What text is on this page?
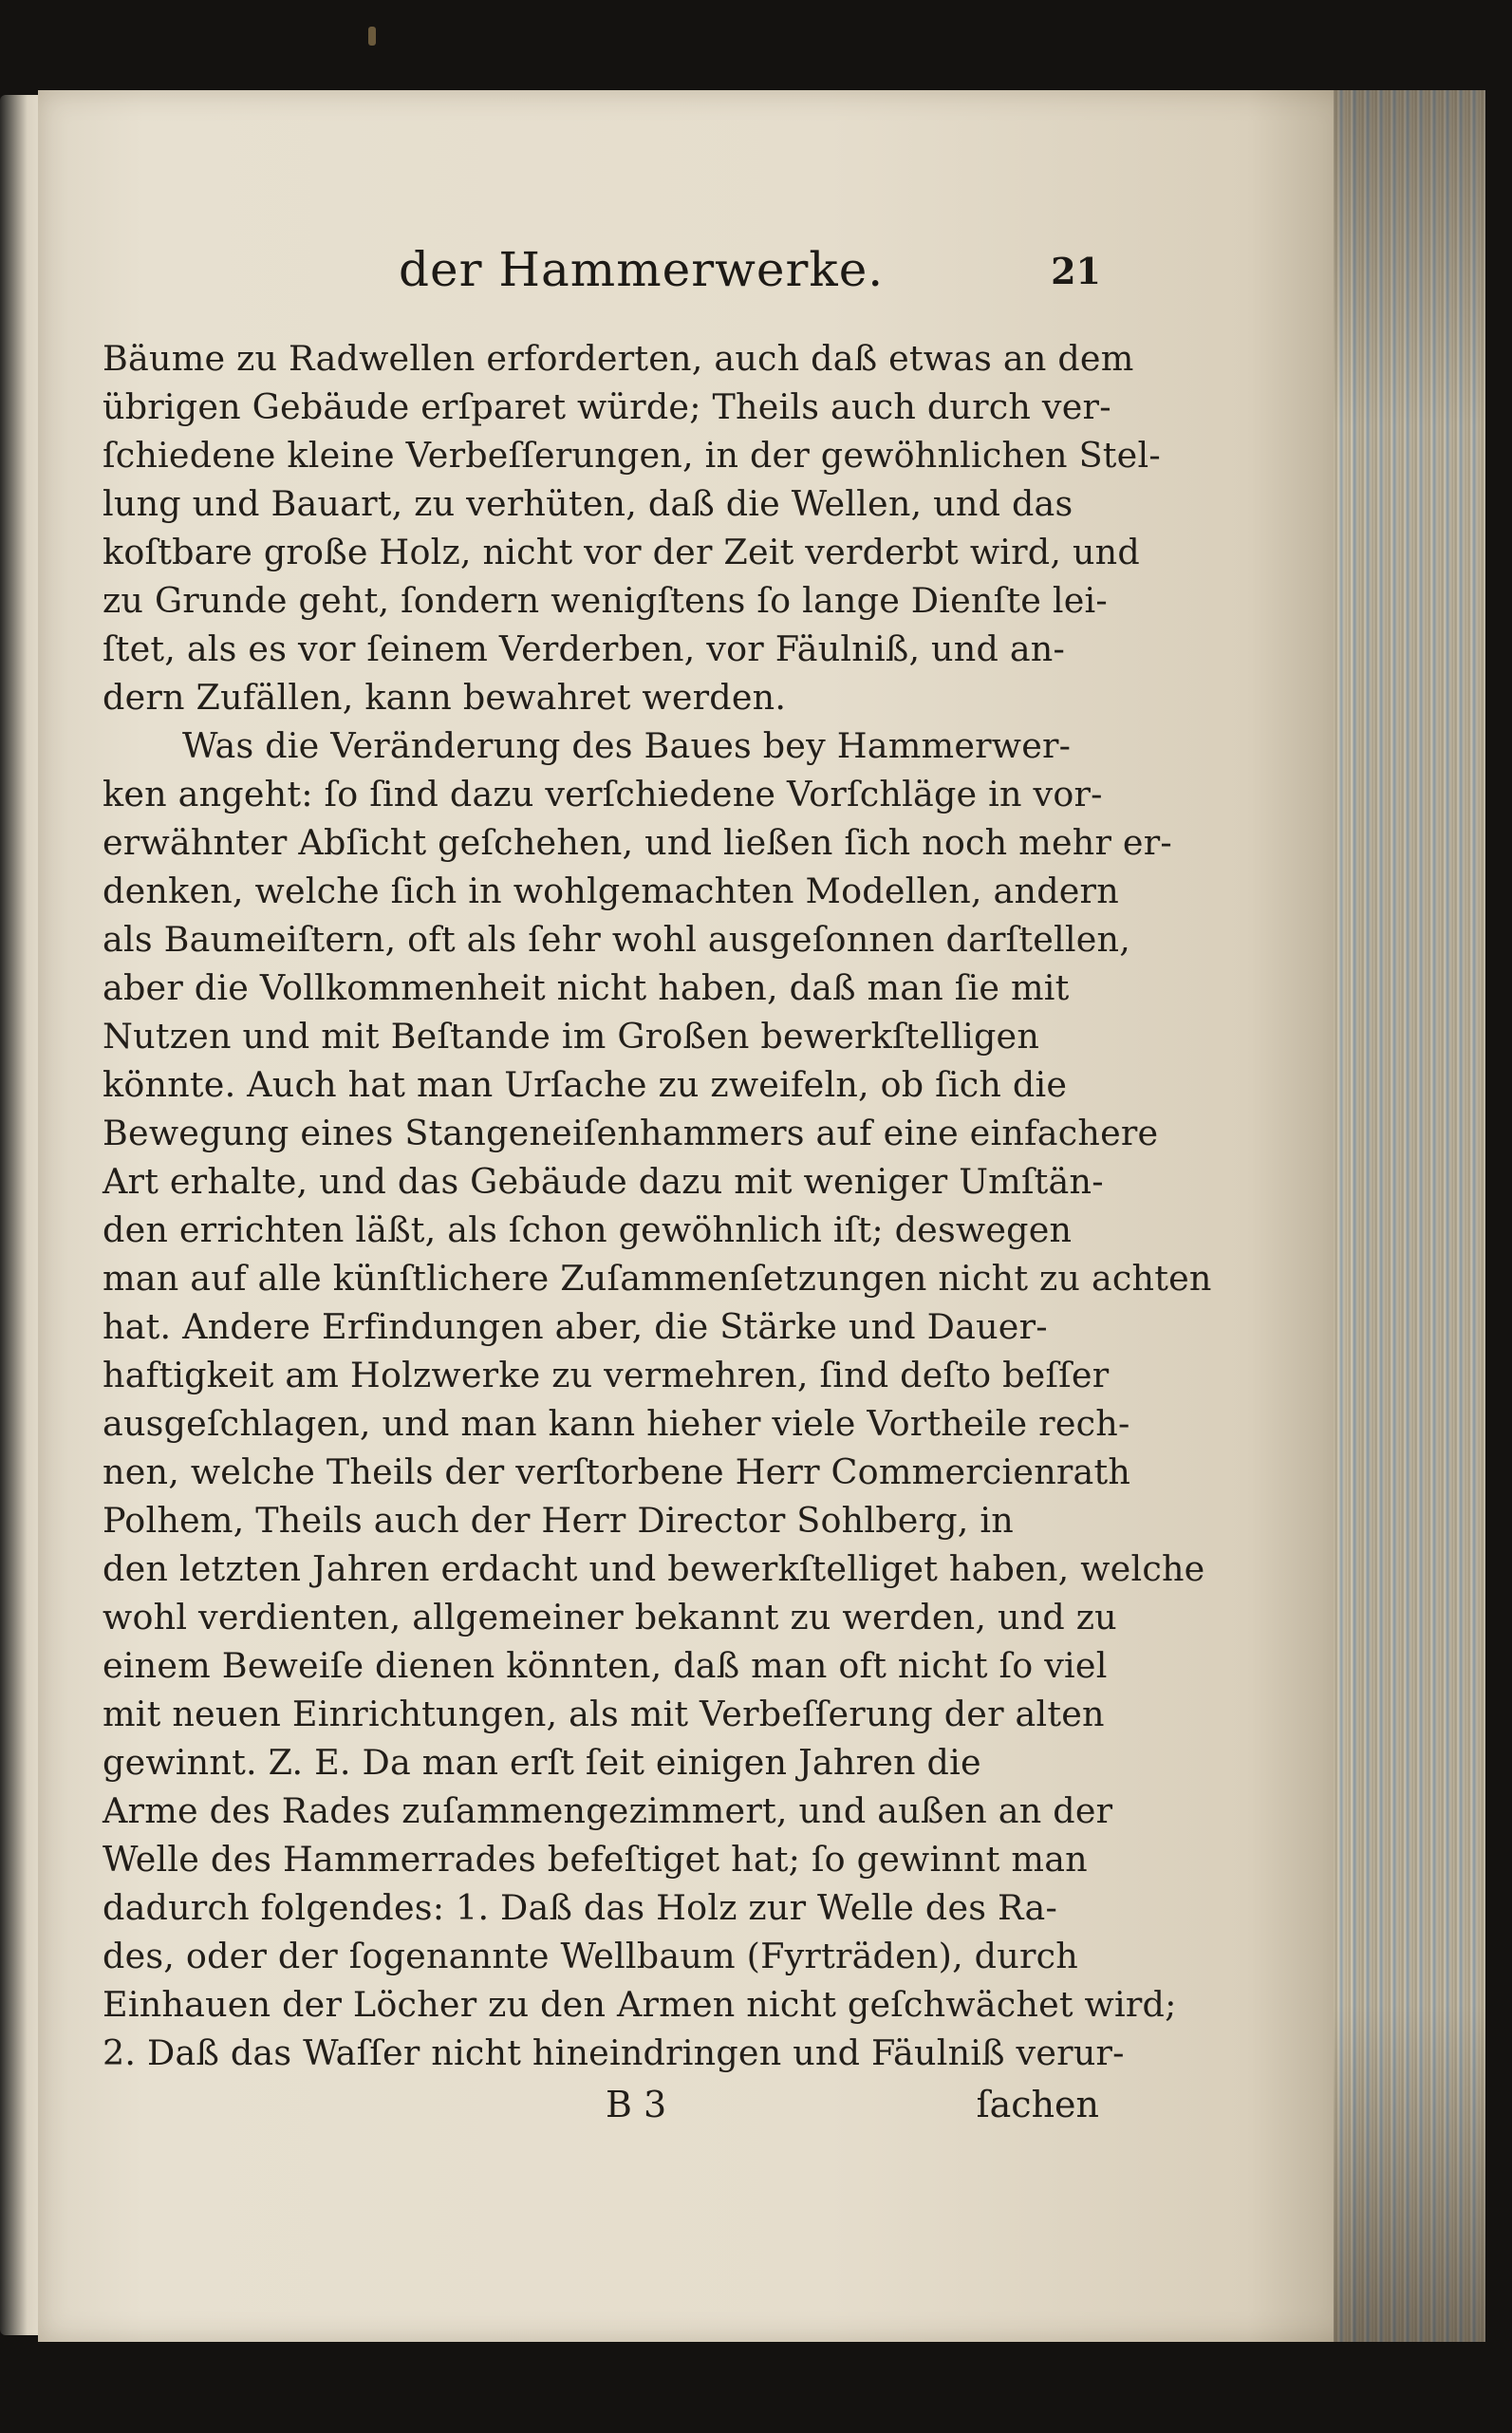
der Hammerwerke.	21
Bäume zu Radwellen erforderten, auch daß etwas an dem
übrigen Gebäude erſparet würde; Theils auch durch ver-
ſchiedene kleine Verbeſſerungen, in der gewöhnlichen Stel-
lung und Bauart, zu verhüten, daß die Wellen, und das
koſtbare große Holz, nicht vor der Zeit verderbt wird, und
zu Grunde geht, ſondern wenigſtens ſo lange Dienſte lei-
ſtet, als es vor ſeinem Verderben, vor Fäulniß, und an-
dern Zufällen, kann bewahret werden.
Was die Veränderung des Baues bey Hammerwer-
ken angeht: ſo ſind dazu verſchiedene Vorſchläge in vor-
erwähnter Abſicht geſchehen, und ließen ſich noch mehr er-
denken, welche ſich in wohlgemachten Modellen, andern
als Baumeiſtern, oft als ſehr wohl ausgeſonnen darſtellen,
aber die Vollkommenheit nicht haben, daß man ſie mit
Nutzen und mit Beſtande im Großen bewerkſtelligen
könnte. Auch hat man Urſache zu zweifeln, ob ſich die
Bewegung eines Stangeneiſenhammers auf eine einfachere
Art erhalte, und das Gebäude dazu mit weniger Umſtän-
den errichten läßt, als ſchon gewöhnlich iſt; deswegen
man auf alle künſtlichere Zuſammenſetzungen nicht zu achten
hat. Andere Erfindungen aber, die Stärke und Dauer-
haftigkeit am Holzwerke zu vermehren, ſind deſto beſſer
ausgeſchlagen, und man kann hieher viele Vortheile rech-
nen, welche Theils der verſtorbene Herr Commercienrath
Polhem, Theils auch der Herr Director Sohlberg, in
den letzten Jahren erdacht und bewerkſtelliget haben, welche
wohl verdienten, allgemeiner bekannt zu werden, und zu
einem Beweiſe dienen könnten, daß man oft nicht ſo viel
mit neuen Einrichtungen, als mit Verbeſſerung der alten
gewinnt. Z. E. Da man erſt ſeit einigen Jahren die
Arme des Rades zuſammengezimmert, und außen an der
Welle des Hammerrades befeſtiget hat; ſo gewinnt man
dadurch folgendes: 1. Daß das Holz zur Welle des Ra-
des, oder der ſogenannte Wellbaum (Fyrträden), durch
Einhauen der Löcher zu den Armen nicht geſchwächet wird;
2. Daß das Waſſer nicht hineindringen und Fäulniß verur-
B 3	ſachen
